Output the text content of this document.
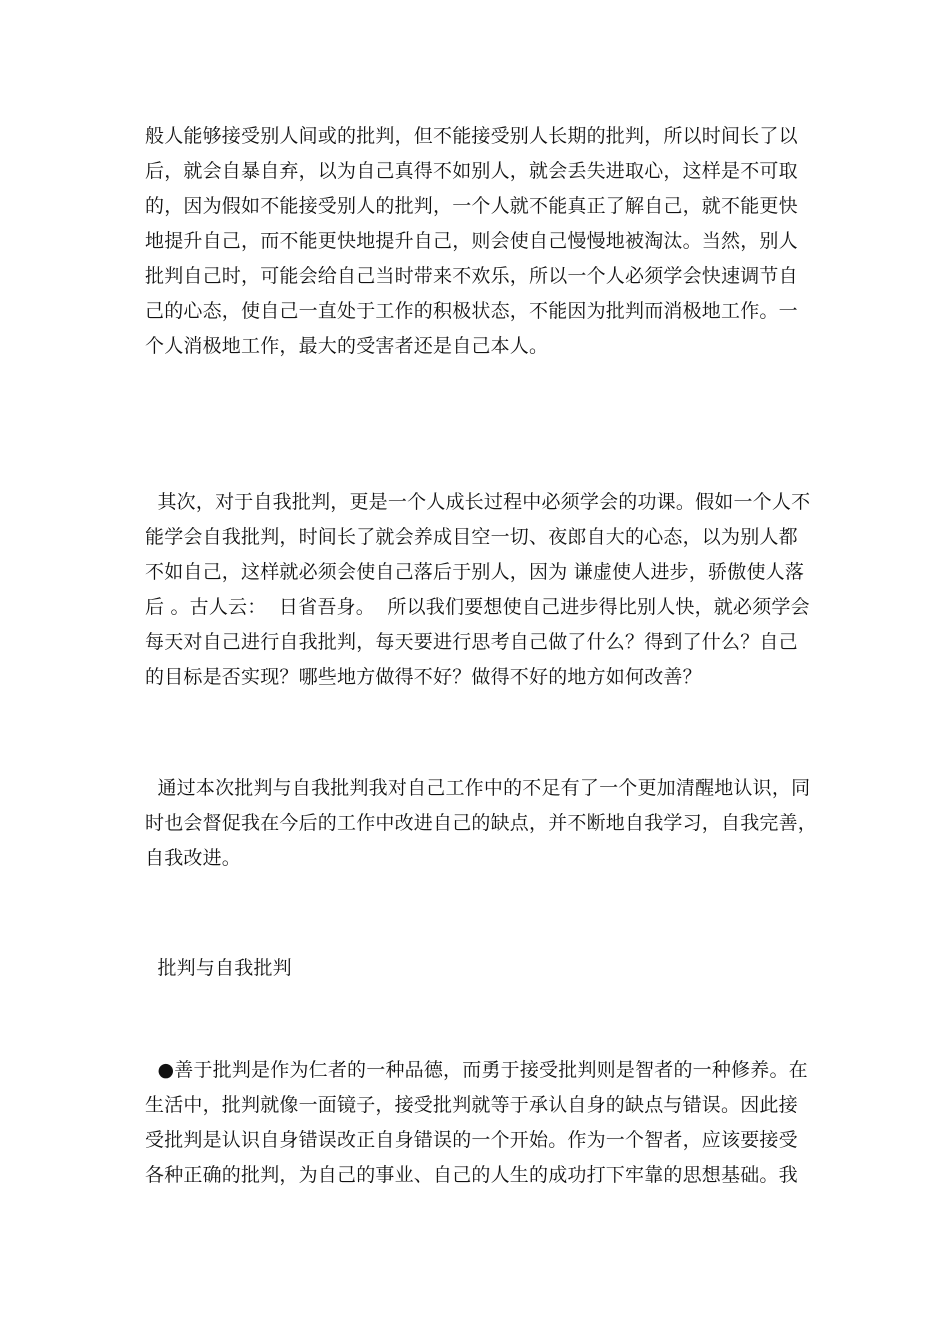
般人能够接受别人间或的批判，但不能接受别人长期的批判，所以时间长了以
后，就会自暴自弃，以为自己真得不如别人，就会丢失进取心，这样是不可取
的，因为假如不能接受别人的批判，一个人就不能真正了解自己，就不能更快
地提升自己，而不能更快地提升自己，则会使自己慢慢地被淘汰。当然，别人
批判自己时，可能会给自己当时带来不欢乐，所以一个人必须学会快速调节自
己的心态，使自己一直处于工作的积极状态，不能因为批判而消极地工作。一
个人消极地工作，最大的受害者还是自己本人。
其次，对于自我批判，更是一个人成长过程中必须学会的功课。假如一个人不
能学会自我批判，时间长了就会养成目空一切、夜郎自大的心态，以为别人都
不如自己，这样就必须会使自己落后于别人，因为 谦虚使人进步，骄傲使人落
后 。古人云：  日省吾身。  所以我们要想使自己进步得比别人快，就必须学会
每天对自己进行自我批判，每天要进行思考自己做了什么？得到了什么？自己
的目标是否实现？哪些地方做得不好？做得不好的地方如何改善？
通过本次批判与自我批判我对自己工作中的不足有了一个更加清醒地认识，同
时也会督促我在今后的工作中改进自己的缺点，并不断地自我学习，自我完善，
自我改进。
批判与自我批判
●善于批判是作为仁者的一种品德，而勇于接受批判则是智者的一种修养。在
生活中，批判就像一面镜子，接受批判就等于承认自身的缺点与错误。因此接
受批判是认识自身错误改正自身错误的一个开始。作为一个智者，应该要接受
各种正确的批判，为自己的事业、自己的人生的成功打下牢靠的思想基础。我
